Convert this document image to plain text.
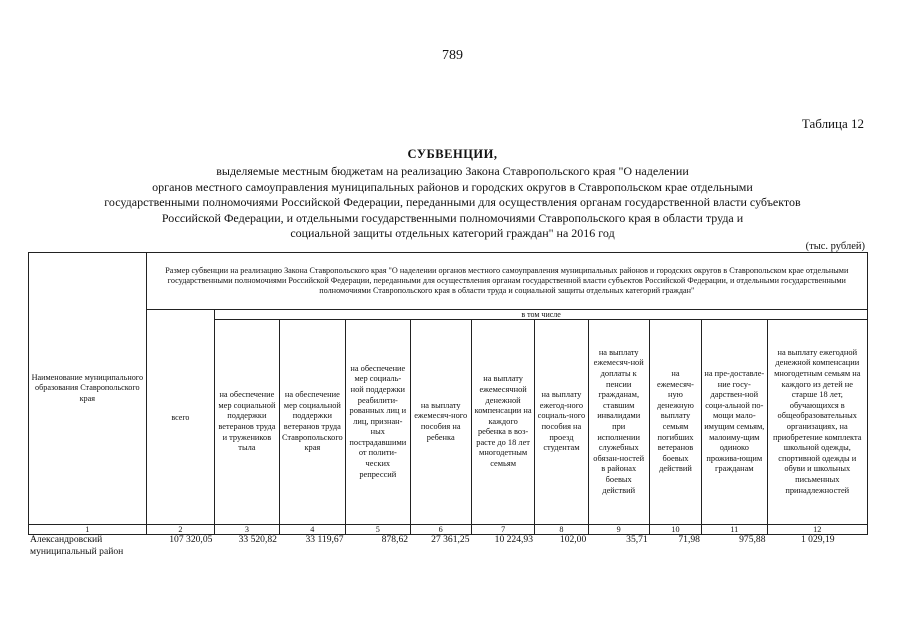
789
Таблица 12
СУБВЕНЦИИ,
выделяемые местным бюджетам на реализацию Закона Ставропольского края "О наделении
органов местного самоуправления муниципальных районов и городских округов в Ставропольском крае отдельными
государственными полномочиями Российской Федерации, переданными для осуществления органам государственной власти субъектов
Российской Федерации, и отдельными государственными полномочиями Ставропольского края в области труда и
социальной защиты отдельных категорий граждан" на 2016 год
(тыс. рублей)
Наименование муниципального образования Ставропольского края	Размер субвенции на реализацию Закона Ставропольского края "О наделении органов местного самоуправления муниципальных районов и городских округов в Ставропольском крае отдельными государственными полномочиями Российской Федерации, переданными для осуществления органам государственной власти субъектов Российской Федерации, и отдельными государственными полномочиями Ставропольского края в области труда и социальной защиты отдельных категорий граждан"										
	всего	в том числе									
		на обеспечение мер социальной поддержки ветеранов труда и тружеников тыла	на обеспечение мер социальной поддержки ветеранов труда Ставропольского края	на обеспечение мер социаль-ной поддержки реабилити-рованных лиц и лиц, признан-ных пострадавшими от полити-ческих репрессий	на выплату ежемесяч-ного пособия на ребенка	на выплату ежемесячной денежной компенсации на каждого ребенка в воз-расте до 18 лет многодетным семьям	на выплату ежегод-ного социаль-ного пособия на проезд студентам	на выплату ежемесяч-ной доплаты к пенсии гражданам, ставшим инвалидами при исполнении служебных обязан-ностей в районах боевых действий	на ежемесяч-ную денежную выплату семьям погибших ветеранов боевых действий	на пре-доставле-ние госу-дарствен-ной соци-альной по-мощи мало-имущим семьям, малоиму-щим одиноко прожива-ющим гражданам	на выплату ежегодной денежной компенсации многодетным семьям на каждого из детей не старше 18 лет, обучающихся в общеобразовательных организациях, на приобретение комплекта школьной одежды, спортивной одежды и обуви и школьных письменных принадлежностей
1	2	3	4	5	6	7	8	9	10	11	12
Александровский муниципальный район	107 320,05	33 520,82	33 119,67	878,62	27 361,25	10 224,93	102,00	35,71	71,98	975,88	1 029,19
